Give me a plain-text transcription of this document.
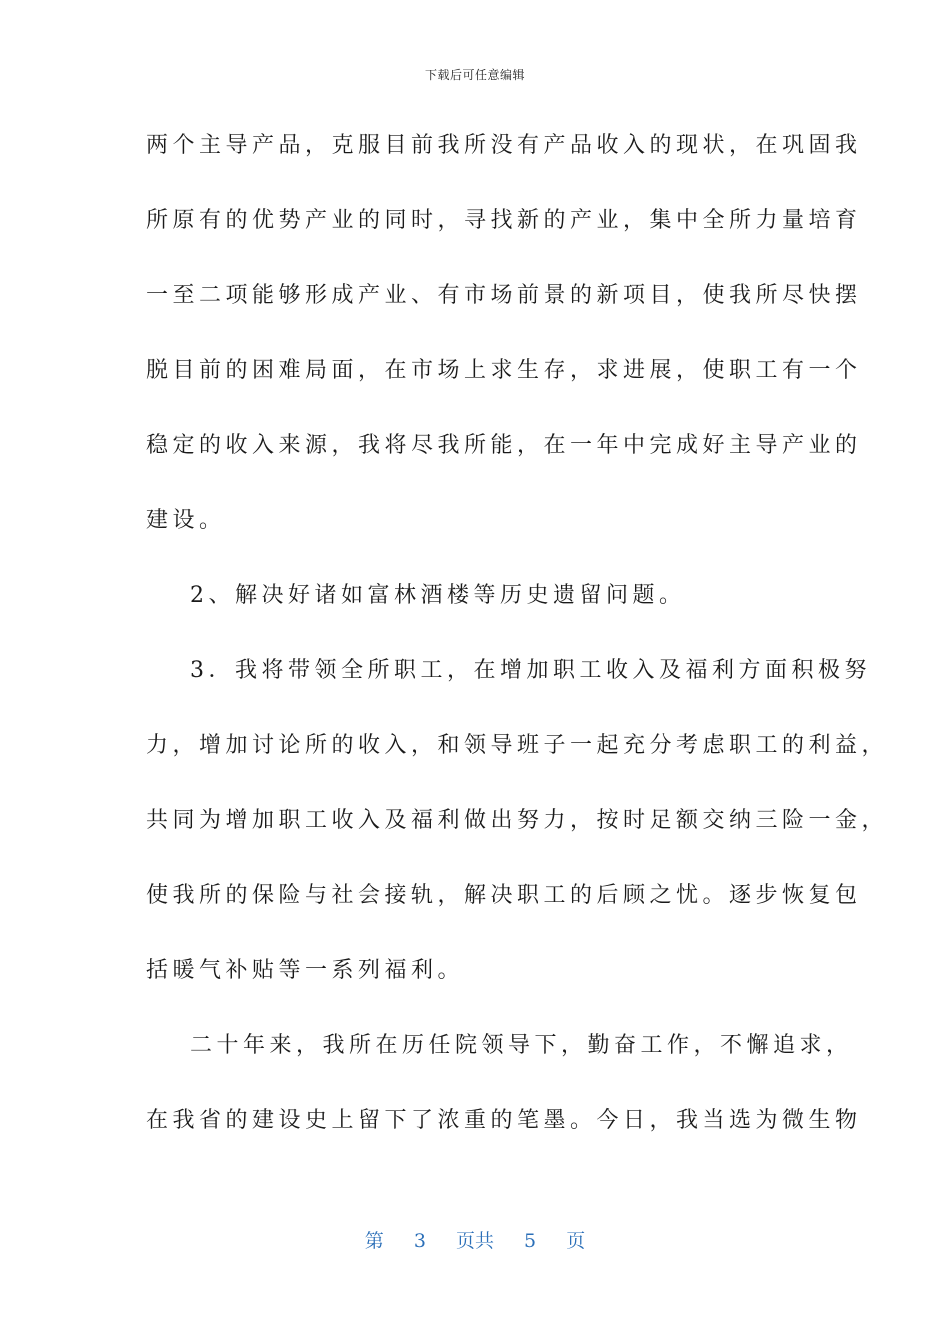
下载后可任意编辑
两个主导产品，克服目前我所没有产品收入的现状，在巩固我
所原有的优势产业的同时，寻找新的产业，集中全所力量培育
一至二项能够形成产业、有市场前景的新项目，使我所尽快摆
脱目前的困难局面，在市场上求生存，求进展，使职工有一个
稳定的收入来源，我将尽我所能，在一年中完成好主导产业的
建设。
2、解决好诸如富林酒楼等历史遗留问题。
3．我将带领全所职工，在增加职工收入及福利方面积极努
力，增加讨论所的收入，和领导班子一起充分考虑职工的利益，
共同为增加职工收入及福利做出努力，按时足额交纳三险一金，
使我所的保险与社会接轨，解决职工的后顾之忧。逐步恢复包
括暖气补贴等一系列福利。
二十年来，我所在历任院领导下，勤奋工作，不懈追求，
在我省的建设史上留下了浓重的笔墨。今日，我当选为微生物
第 3 页共 5 页
